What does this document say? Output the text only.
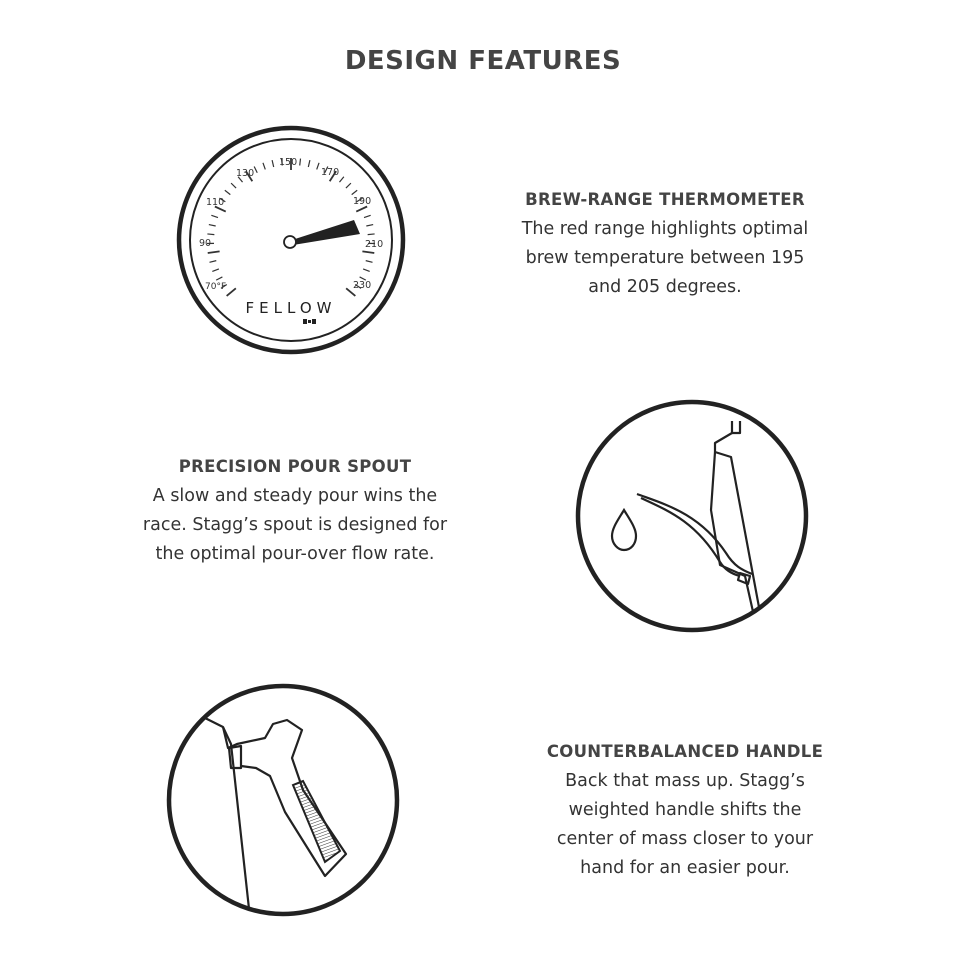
DESIGN FEATURES
70°F
90
110
130
150
170
190
210
230
FELLOW
BREW-RANGE THERMOMETER

The red range highlights optimal
brew temperature between 195
and 205 degrees.

PRECISION POUR SPOUT

A slow and steady pour wins the
race. Stagg’s spout is designed for
the optimal pour-over flow rate.

COUNTERBALANCED HANDLE

Back that mass up. Stagg’s
weighted handle shifts the
center of mass closer to your
hand for an easier pour.
